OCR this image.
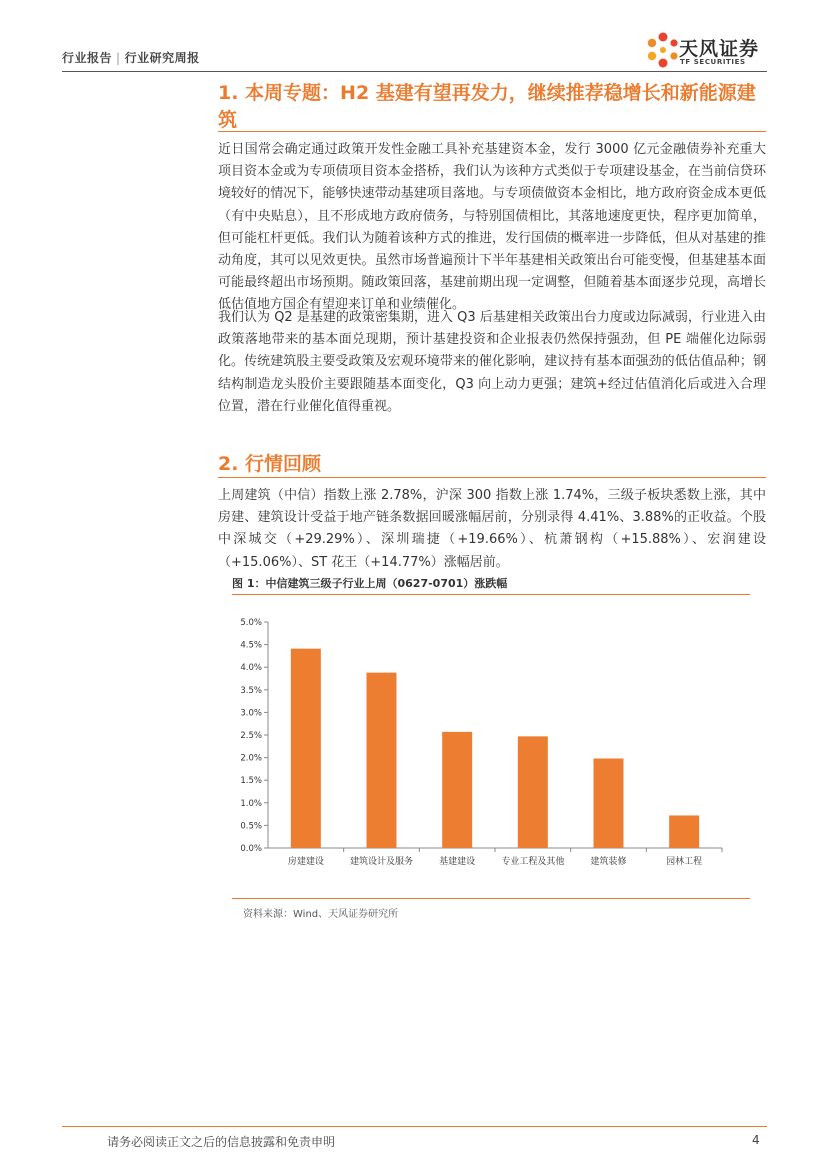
行业报告 | 行业研究周报	天风证券
TF SECURITIES
1. 本周专题：H2 基建有望再发力，继续推荐稳增长和新能源建筑
近日国常会确定通过政策开发性金融工具补充基建资本金，发行 3000 亿元金融债券补充重大项目资本金或为专项债项目资本金搭桥，我们认为该种方式类似于专项建设基金，在当前信贷环境较好的情况下，能够快速带动基建项目落地。与专项债做资本金相比，地方政府资金成本更低（有中央贴息），且不形成地方政府债务，与特别国债相比，其落地速度更快，程序更加简单，但可能杠杆更低。我们认为随着该种方式的推进，发行国债的概率进一步降低，但从对基建的推动角度，其可以见效更快。虽然市场普遍预计下半年基建相关政策出台可能变慢，但基建基本面可能最终超出市场预期。随政策回落，基建前期出现一定调整，但随着基本面逐步兑现，高增长低估值地方国企有望迎来订单和业绩催化。
我们认为 Q2 是基建的政策密集期，进入 Q3 后基建相关政策出台力度或边际减弱，行业进入由政策落地带来的基本面兑现期，预计基建投资和企业报表仍然保持强劲，但 PE 端催化边际弱化。传统建筑股主要受政策及宏观环境带来的催化影响，建议持有基本面强劲的低估值品种；钢结构制造龙头股价主要跟随基本面变化，Q3 向上动力更强；建筑+经过估值消化后或进入合理位置，潜在行业催化值得重视。
2. 行情回顾
上周建筑（中信）指数上涨 2.78%，沪深 300 指数上涨 1.74%，三级子板块悉数上涨，其中房建、建筑设计受益于地产链条数据回暖涨幅居前，分别录得 4.41%、3.88%的正收益。个股中深城交（+29.29%）、深圳瑞捷（+19.66%）、杭萧钢构（+15.88%）、宏润建设（+15.06%）、ST 花王（+14.77%）涨幅居前。
图 1：中信建筑三级子行业上周（0627-0701）涨跌幅
0.0%
0.5%
1.0%
1.5%
2.0%
2.5%
3.0%
3.5%
4.0%
4.5%
5.0%
房建建设	建筑设计及服务	基建建设	专业工程及其他	建筑装修	园林工程
资料来源：Wind、天风证券研究所
请务必阅读正文之后的信息披露和免责申明	4
